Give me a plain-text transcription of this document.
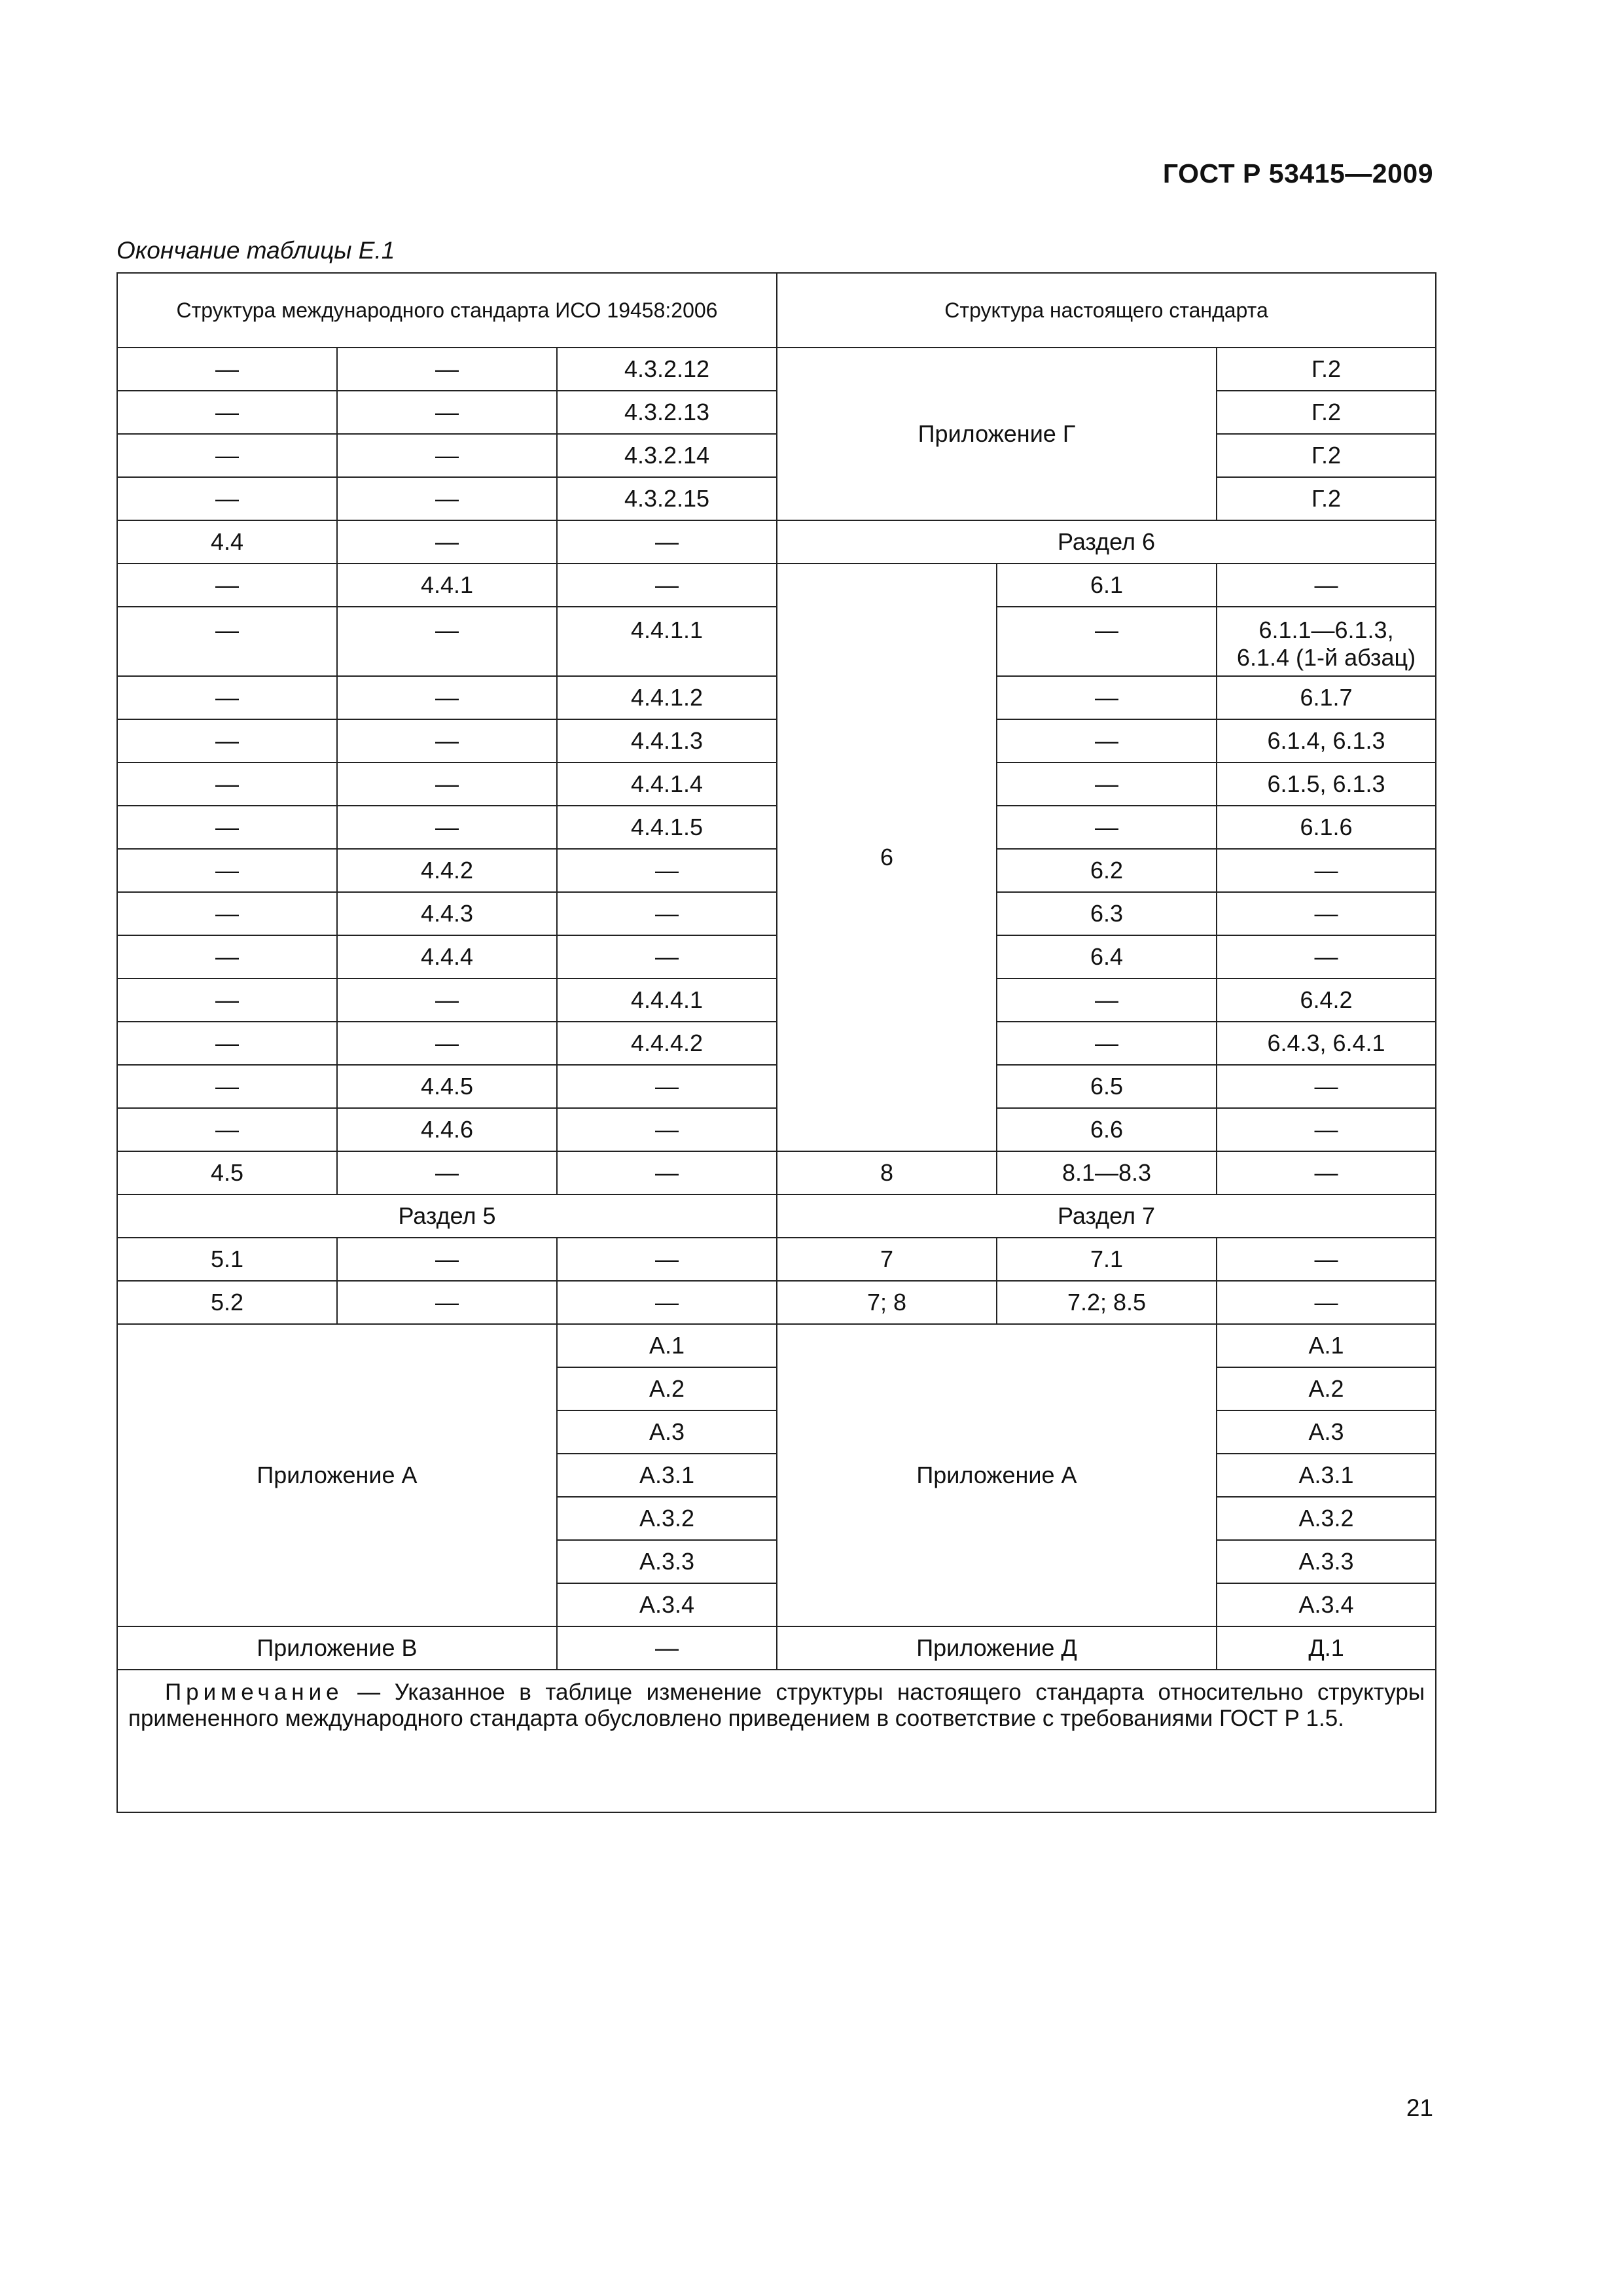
ГОСТ Р 53415—2009
Окончание таблицы Е.1
Структура международного стандарта ИСО 19458:2006			Структура настоящего стандарта		
—	—	4.3.2.12	Приложение Г		Г.2
—	—	4.3.2.13			Г.2
—	—	4.3.2.14			Г.2
—	—	4.3.2.15			Г.2
4.4	—	—	Раздел 6		
—	4.4.1	—	6	6.1	—
—	—	4.4.1.1		—	6.1.1—6.1.3,
6.1.4 (1-й абзац)

—	—	4.4.1.2		—	6.1.7
—	—	4.4.1.3		—	6.1.4, 6.1.3
—	—	4.4.1.4		—	6.1.5, 6.1.3
—	—	4.4.1.5		—	6.1.6
—	4.4.2	—		6.2	—
—	4.4.3	—		6.3	—
—	4.4.4	—		6.4	—
—	—	4.4.4.1		—	6.4.2
—	—	4.4.4.2		—	6.4.3, 6.4.1
—	4.4.5	—		6.5	—
—	4.4.6	—		6.6	—
4.5	—	—	8	8.1—8.3	—
Раздел 5			Раздел 7		
5.1	—	—	7	7.1	—
5.2	—	—	7; 8	7.2; 8.5	—
Приложение А		А.1	Приложение А		А.1
		А.2			А.2
		А.3			А.3
		А.3.1			А.3.1
		А.3.2			А.3.2
		А.3.3			А.3.3
		А.3.4			А.3.4
Приложение В		—	Приложение Д		Д.1
Примечание — Указанное в таблице изменение структуры настоящего стандарта относительно структуры примененного международного стандарта обусловлено приведением в соответствие с требованиями ГОСТ Р 1.5.					
21
